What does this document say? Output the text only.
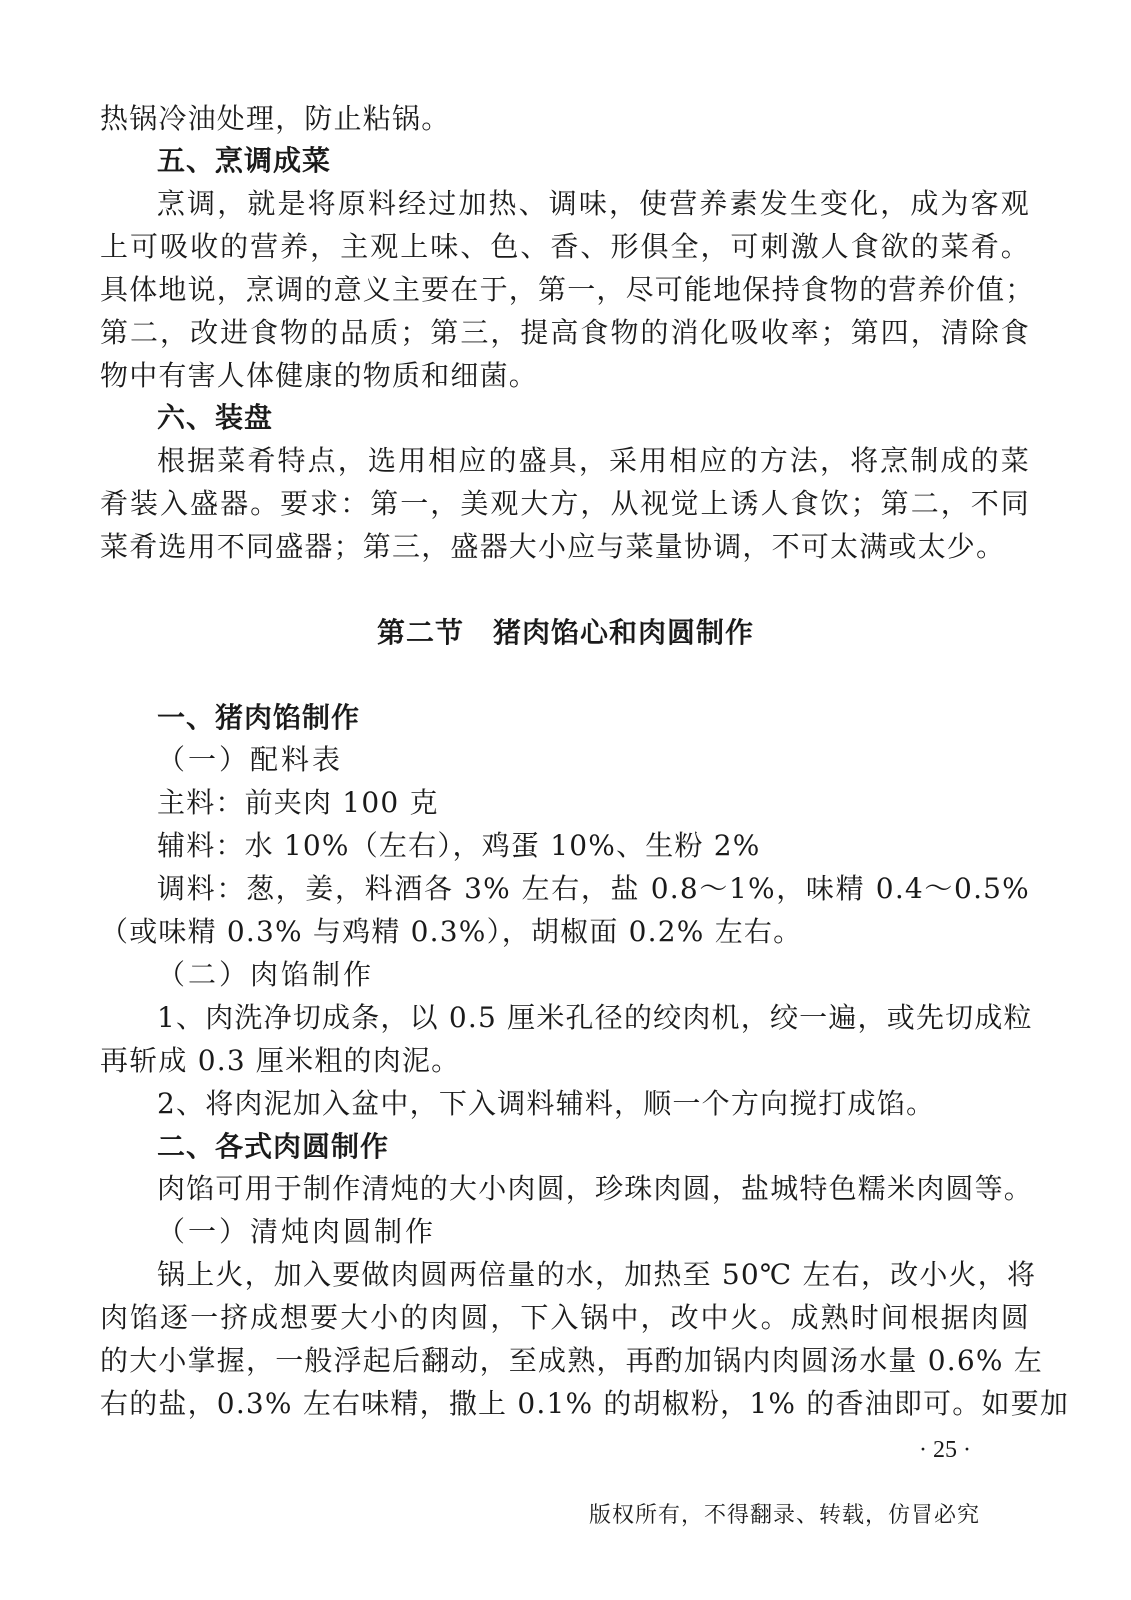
热锅冷油处理，防止粘锅。
五、烹调成菜
烹调，就是将原料经过加热、调味，使营养素发生变化，成为客观
上可吸收的营养，主观上味、色、香、形俱全，可刺激人食欲的菜肴。
具体地说，烹调的意义主要在于，第一，尽可能地保持食物的营养价值；
第二，改进食物的品质；第三，提高食物的消化吸收率；第四，清除食
物中有害人体健康的物质和细菌。
六、装盘
根据菜肴特点，选用相应的盛具，采用相应的方法，将烹制成的菜
肴装入盛器。要求：第一，美观大方，从视觉上诱人食饮；第二，不同
菜肴选用不同盛器；第三，盛器大小应与菜量协调，不可太满或太少。
第二节　猪肉馅心和肉圆制作
一、猪肉馅制作
（一）配料表
主料：前夹肉 100 克
辅料：水 10%（左右），鸡蛋 10%、生粉 2%
调料：葱，姜，料酒各 3% 左右，盐 0.8～1%，味精 0.4～0.5%
（或味精 0.3% 与鸡精 0.3%），胡椒面 0.2% 左右。
（二）肉馅制作
1、肉洗净切成条，以 0.5 厘米孔径的绞肉机，绞一遍，或先切成粒
再斩成 0.3 厘米粗的肉泥。
2、将肉泥加入盆中，下入调料辅料，顺一个方向搅打成馅。
二、各式肉圆制作
肉馅可用于制作清炖的大小肉圆，珍珠肉圆，盐城特色糯米肉圆等。
（一）清炖肉圆制作
锅上火，加入要做肉圆两倍量的水，加热至 50℃ 左右，改小火，将
肉馅逐一挤成想要大小的肉圆，下入锅中，改中火。成熟时间根据肉圆
的大小掌握，一般浮起后翻动，至成熟，再酌加锅内肉圆汤水量 0.6% 左
右的盐，0.3% 左右味精，撒上 0.1% 的胡椒粉，1% 的香油即可。如要加
· 25 ·
版权所有，不得翻录、转载，仿冒必究
